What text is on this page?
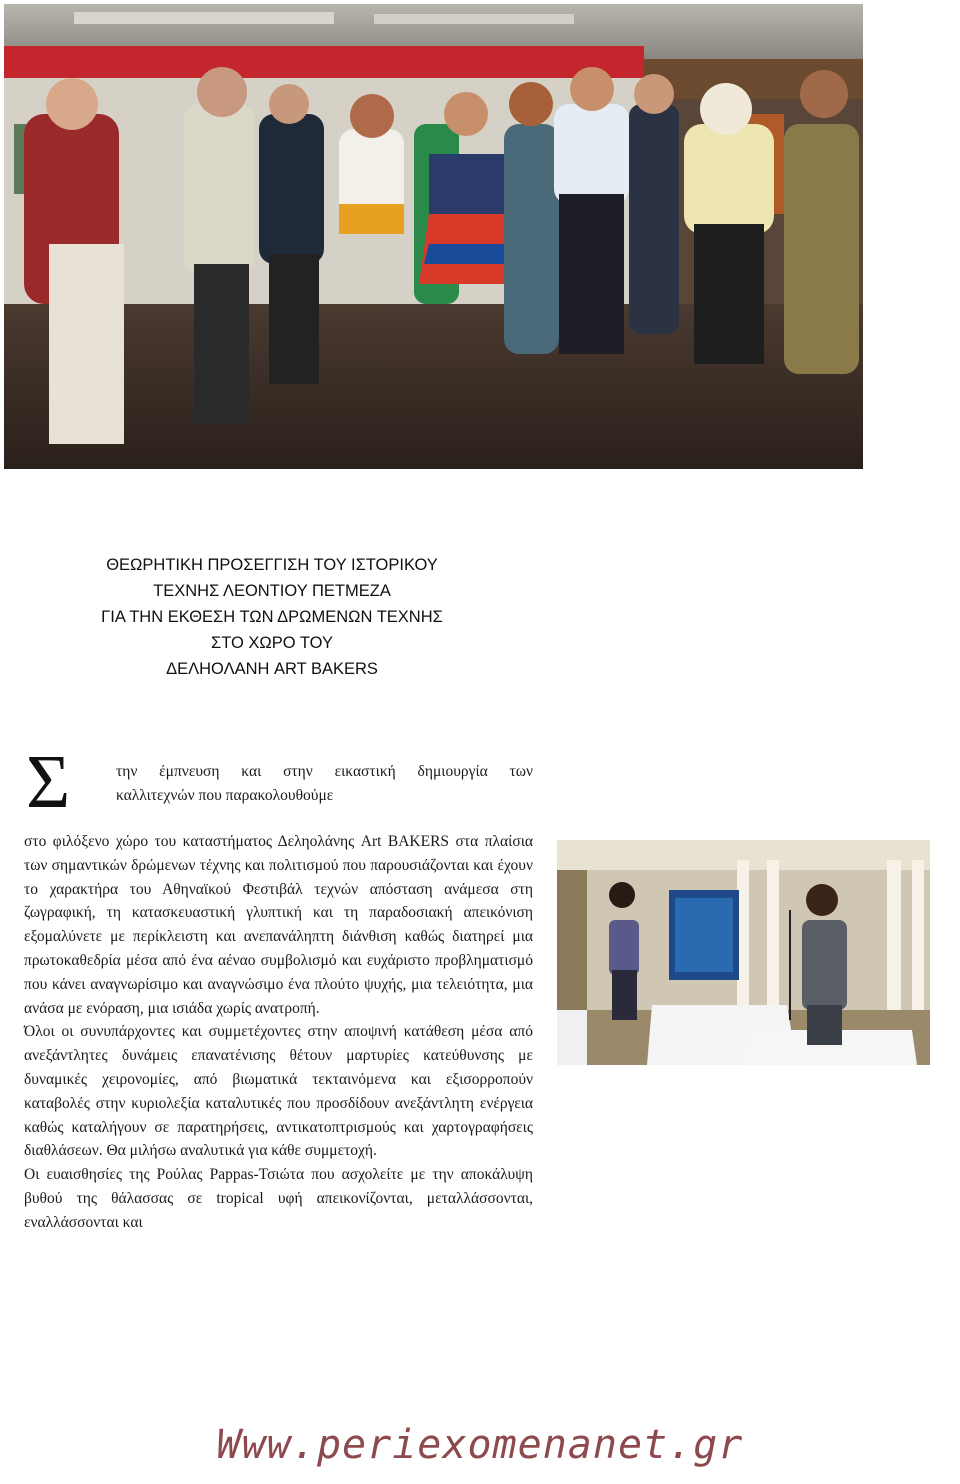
ΘΕΩΡΗΤΙΚΗ ΠΡΟΣΕΓΓΙΣΗ ΤΟΥ ΙΣΤΟΡΙΚΟΥ
ΤΕΧΝΗΣ ΛΕΟΝΤΙΟΥ ΠΕΤΜΕΖΑ
ΓΙΑ ΤΗΝ ΕΚΘΕΣΗ ΤΩΝ ΔΡΩΜΕΝΩΝ ΤΕΧΝΗΣ
ΣΤΟ ΧΩΡΟ ΤΟΥ
ΔΕΛΗΟΛΑΝΗ ART BAKERS
Σ	την έμπνευση και στην εικαστική δημιουργία των
καλλιτεχνών που παρακολουθούμε

στο φιλόξενο χώρο του καταστήματος Δεληολάνης Art BAKERS στα πλαίσια των σημαντικών δρώμενων τέχνης και πολιτισμού που παρουσιάζονται και έχουν το χαρακτήρα του Αθηναϊκού Φεστιβάλ τεχνών απόσταση ανάμεσα στη ζωγραφική, τη κατασκευαστική γλυπτική και τη παραδοσιακή απεικόνιση εξομαλύνετε με περίκλειστη και ανεπανάληπτη διάνθιση καθώς διατηρεί μια πρωτοκαθεδρία μέσα από ένα αέναο συμβολισμό και ευχάριστο προβληματισμό που κάνει αναγνωρίσιμο και αναγνώσιμο ένα πλούτο ψυχής, μια τελειότητα, μια ανάσα με ενόραση, μια ισιάδα χωρίς ανατροπή.

Όλοι οι συνυπάρχοντες και συμμετέχοντες στην αποψινή κατάθεση μέσα από ανεξάντλητες δυνάμεις επανατένισης θέτουν μαρτυρίες κατεύθυνσης με δυναμικές χειρονομίες, από βιωματικά τεκταινόμενα και εξισορροπούν καταβολές στην κυριολεξία καταλυτικές που προσδίδουν ανεξάντλητη ενέργεια καθώς καταλήγουν σε παρατηρήσεις, αντικατοπτρισμούς και χαρτογραφήσεις διαθλάσεων. Θα μιλήσω αναλυτικά για κάθε συμμετοχή.

Οι ευαισθησίες της Ρούλας Pappas-Τσιώτα που ασχολείτε με την αποκάλυψη βυθού της θάλασσας σε tropical υφή απεικονίζονται, μεταλλάσσονται, εναλλάσσονται και

Www.periexomenanet.gr
